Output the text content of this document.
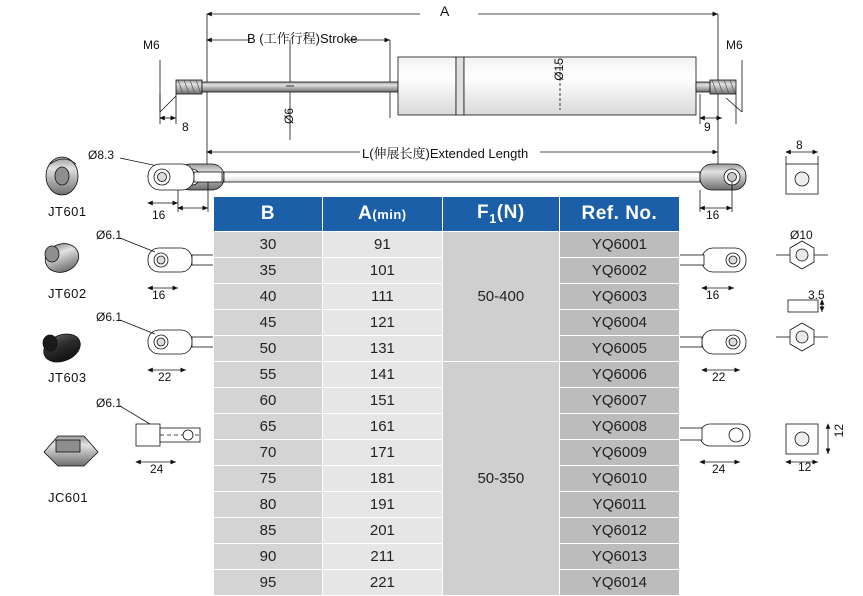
A
B (工作行程)Stroke
M6	M6
Ø6
Ø15
8	9
L(伸展长度)Extended Length
Ø8.3
Ø6.1
Ø6.1
Ø6.1
8
Ø10
3.5
12
12
16	16
16	16
22	22
24	24
JT601
JT602
JT603
JC601
B	A(min)	$F_1(N)$	Ref. No.
30	91	50-400	YQ6001
35	101		YQ6002
40	111		YQ6003
45	121		YQ6004
50	131		YQ6005
55	141	50-350	YQ6006
60	151		YQ6007
65	161		YQ6008
70	171		YQ6009
75	181		YQ6010
80	191		YQ6011
85	201		YQ6012
90	211		YQ6013
95	221		YQ6014
